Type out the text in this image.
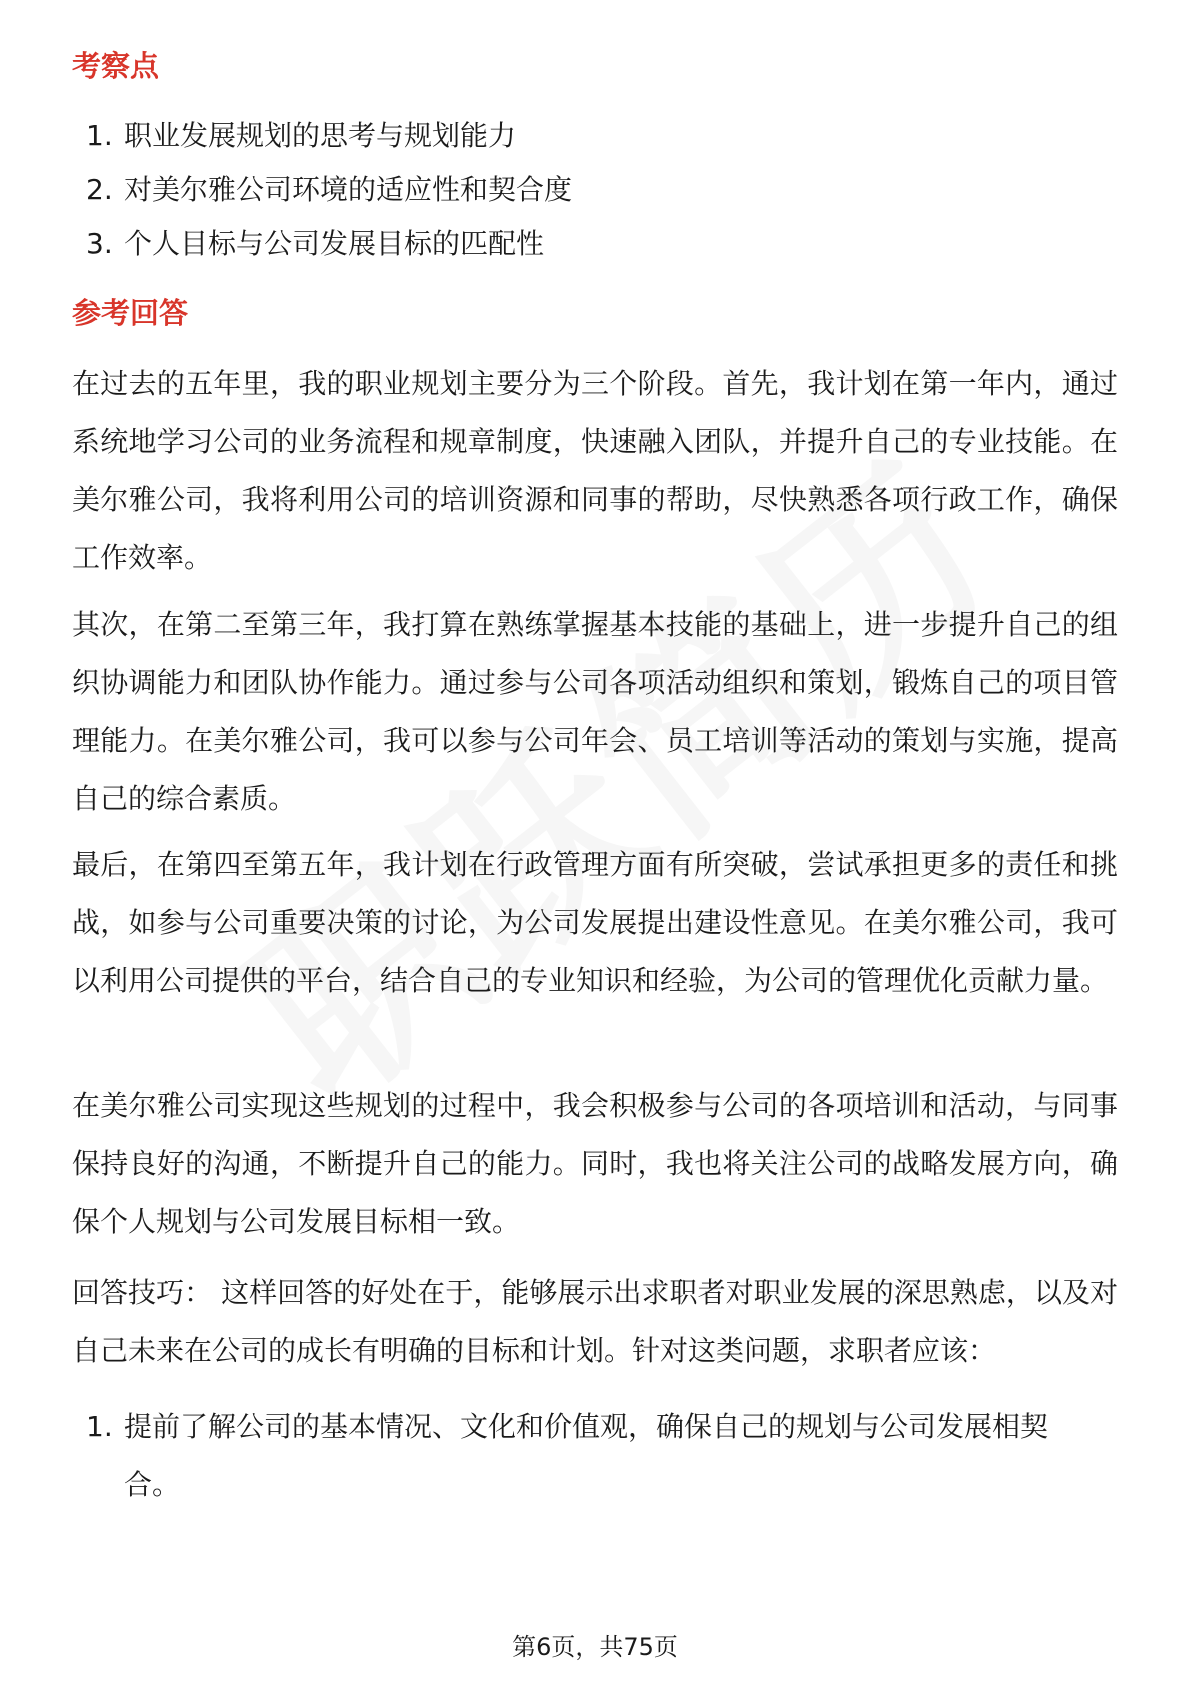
考察点
1. 职业发展规划的思考与规划能力
2. 对美尔雅公司环境的适应性和契合度
3. 个人目标与公司发展目标的匹配性
参考回答

在过去的五年里，我的职业规划主要分为三个阶段。首先，我计划在第一年内，通过系统地学习公司的业务流程和规章制度，快速融入团队，并提升自己的专业技能。在美尔雅公司，我将利用公司的培训资源和同事的帮助，尽快熟悉各项行政工作，确保工作效率。

其次，在第二至第三年，我打算在熟练掌握基本技能的基础上，进一步提升自己的组织协调能力和团队协作能力。通过参与公司各项活动组织和策划，锻炼自己的项目管理能力。在美尔雅公司，我可以参与公司年会、员工培训等活动的策划与实施，提高自己的综合素质。

最后，在第四至第五年，我计划在行政管理方面有所突破，尝试承担更多的责任和挑战，如参与公司重要决策的讨论，为公司发展提出建设性意见。在美尔雅公司，我可以利用公司提供的平台，结合自己的专业知识和经验，为公司的管理优化贡献力量。

在美尔雅公司实现这些规划的过程中，我会积极参与公司的各项培训和活动，与同事保持良好的沟通，不断提升自己的能力。同时，我也将关注公司的战略发展方向，确保个人规划与公司发展目标相一致。

回答技巧： 这样回答的好处在于，能够展示出求职者对职业发展的深思熟虑，以及对自己未来在公司的成长有明确的目标和计划。针对这类问题，求职者应该：

1. 提前了解公司的基本情况、文化和价值观，确保自己的规划与公司发展相契合。
第6页，共75页
